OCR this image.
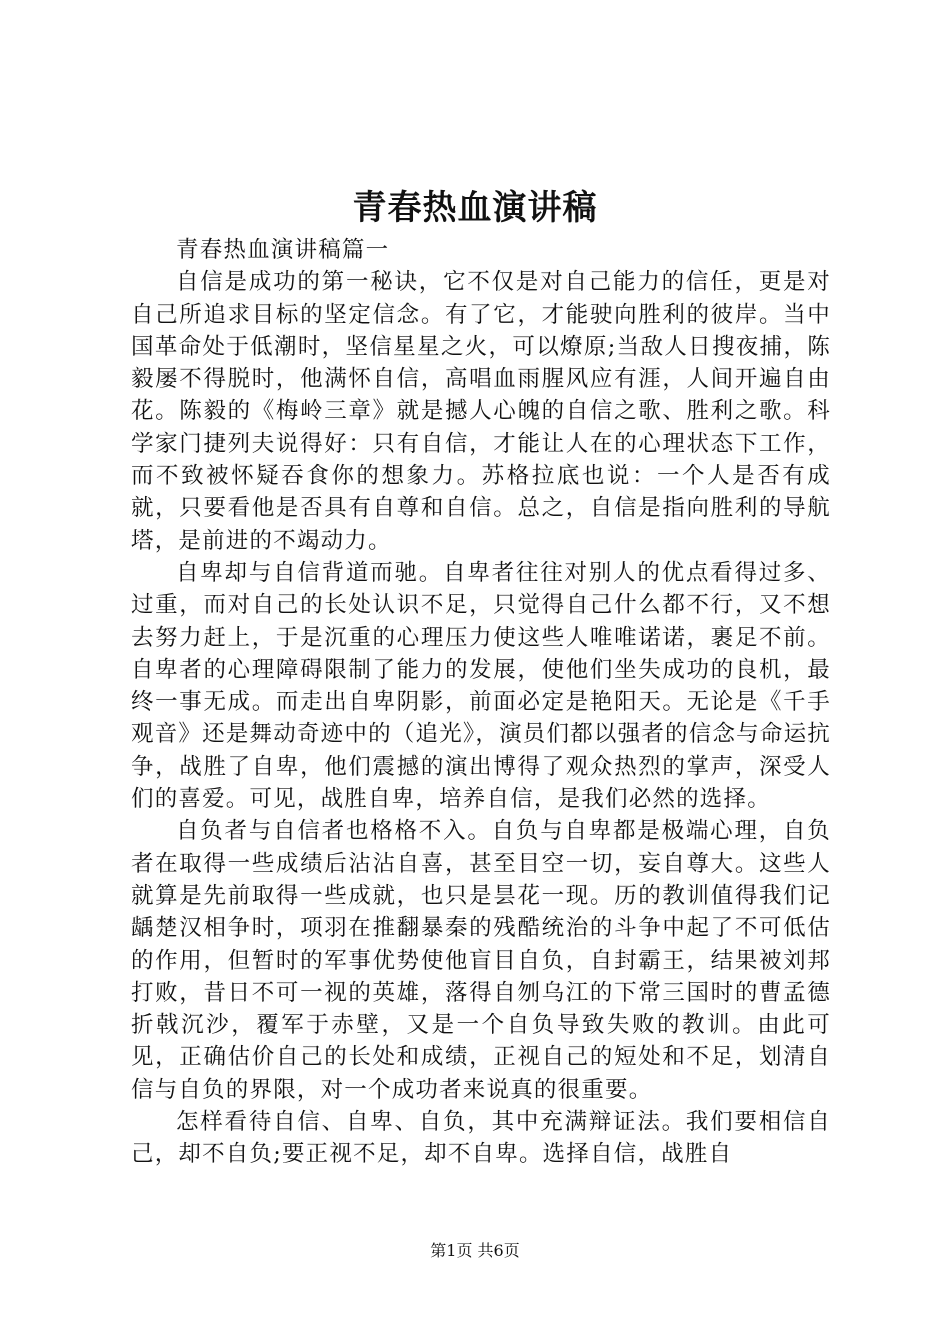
青春热血演讲稿
青春热血演讲稿篇一

自信是成功的第一秘诀，它不仅是对自己能力的信任，更是对自己所追求目标的坚定信念。有了它，才能驶向胜利的彼岸。当中国革命处于低潮时，坚信星星之火，可以燎原;当敌人日搜夜捕，陈毅屡不得脱时，他满怀自信，高唱血雨腥风应有涯，人间开遍自由花。陈毅的《梅岭三章》就是撼人心魄的自信之歌、胜利之歌。科学家门捷列夫说得好：只有自信，才能让人在的心理状态下工作，而不致被怀疑吞食你的想象力。苏格拉底也说：一个人是否有成就，只要看他是否具有自尊和自信。总之，自信是指向胜利的导航塔，是前进的不竭动力。

自卑却与自信背道而驰。自卑者往往对别人的优点看得过多、过重，而对自己的长处认识不足，只觉得自己什么都不行，又不想去努力赶上，于是沉重的心理压力使这些人唯唯诺诺，裹足不前。自卑者的心理障碍限制了能力的发展，使他们坐失成功的良机，最终一事无成。而走出自卑阴影，前面必定是艳阳天。无论是《千手观音》还是舞动奇迹中的（追光》，演员们都以强者的信念与命运抗争，战胜了自卑，他们震撼的演出博得了观众热烈的掌声，深受人们的喜爱。可见，战胜自卑，培养自信，是我们必然的选择。

自负者与自信者也格格不入。自负与自卑都是极端心理，自负者在取得一些成绩后沾沾自喜，甚至目空一切，妄自尊大。这些人就算是先前取得一些成就，也只是昙花一现。历的教训值得我们记龋楚汉相争时，项羽在推翻暴秦的残酷统治的斗争中起了不可低估的作用，但暂时的军事优势使他盲目自负，自封霸王，结果被刘邦打败，昔日不可一视的英雄，落得自刎乌江的下常三国时的曹孟德折戟沉沙，覆军于赤壁，又是一个自负导致失败的教训。由此可见，正确估价自己的长处和成绩，正视自己的短处和不足，划清自信与自负的界限，对一个成功者来说真的很重要。

怎样看待自信、自卑、自负，其中充满辩证法。我们要相信自己，却不自负;要正视不足，却不自卑。选择自信，战胜自

第1页 共6页
